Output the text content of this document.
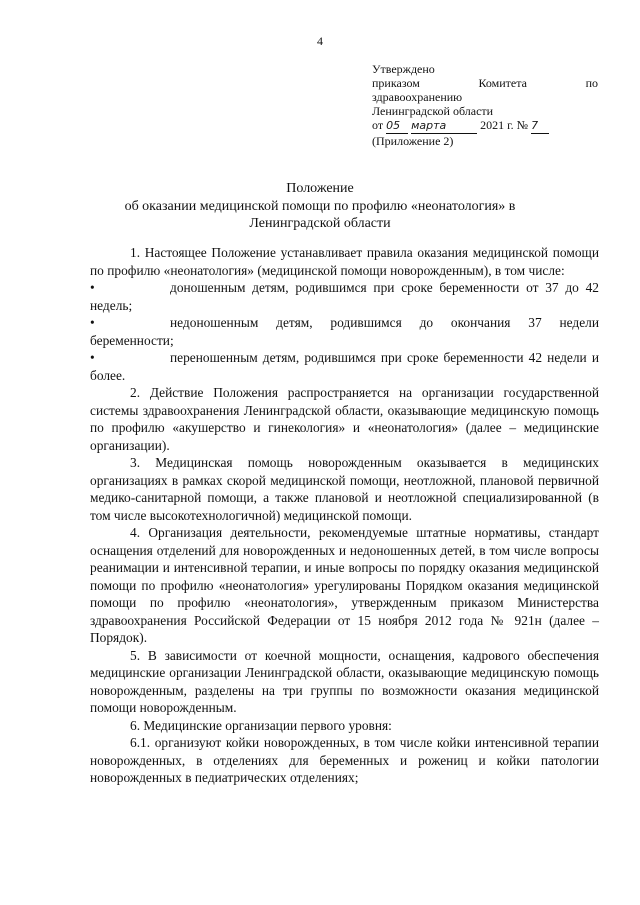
4
Утверждено
приказом	Комитета	по
здравоохранению
Ленинградской области
от 05 марта	2021 г. № 7
(Приложение 2)
Положение
об оказании медицинской помощи по профилю «неонатология» в
Ленинградской области

1. Настоящее Положение устанавливает правила оказания медицинской помощи по профилю «неонатология» (медицинской помощи новорожденным), в том числе:

•	доношенным детям, родившимся при сроке беременности от 37 до 42 недель;

•	недоношенным детям, родившимся до окончания 37 недели беременности;

•	переношенным детям, родившимся при сроке беременности 42 недели и более.

2. Действие Положения распространяется на организации государственной системы здравоохранения Ленинградской области, оказывающие медицинскую помощь по профилю «акушерство и гинекология» и «неонатология» (далее – медицинские организации).

3. Медицинская помощь новорожденным оказывается в медицинских организациях в рамках скорой медицинской помощи, неотложной, плановой первичной медико-санитарной помощи, а также плановой и неотложной специализированной (в том числе высокотехнологичной) медицинской помощи.

4. Организация деятельности, рекомендуемые штатные нормативы, стандарт оснащения отделений для новорожденных и недоношенных детей, в том числе вопросы реанимации и интенсивной терапии, и иные вопросы по порядку оказания медицинской помощи по профилю «неонатология» урегулированы Порядком оказания медицинской помощи по профилю «неонатология», утвержденным приказом Министерства здравоохранения Российской Федерации от 15 ноября 2012 года № 921н (далее – Порядок).

5. В зависимости от коечной мощности, оснащения, кадрового обеспечения медицинские организации Ленинградской области, оказывающие медицинскую помощь новорожденным, разделены на три группы по возможности оказания медицинской помощи новорожденным.

6. Медицинские организации первого уровня:

6.1. организуют койки новорожденных, в том числе койки интенсивной терапии новорожденных, в отделениях для беременных и рожениц и койки патологии новорожденных в педиатрических отделениях;
